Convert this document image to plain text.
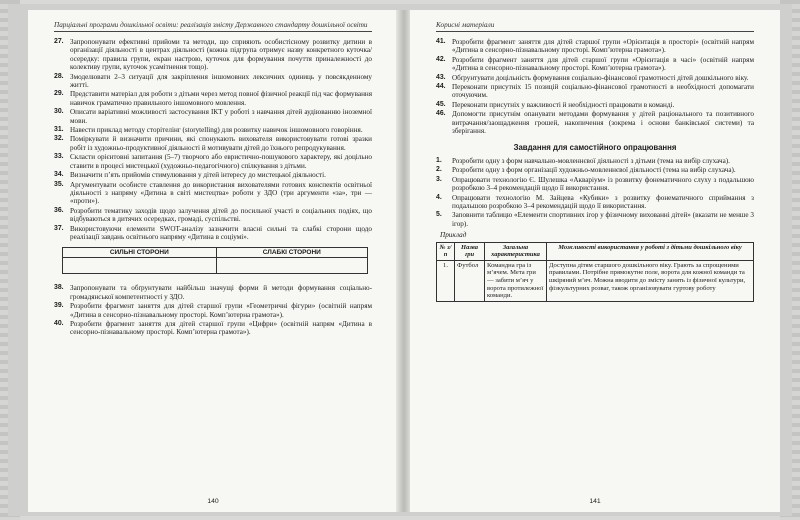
Парціальні програми дошкільної освіти: реалізація змісту Державного стандарту дошкільної освіти
27. Запропонувати ефективні прийоми та методи, що сприяють особистісному розвитку дитини в організації діяльності в центрах діяльності (кожна підгрупа отримує назву конкретного куточка/осередку: правила групи, екран настрою, куточок для формування почуття приналежності до колективу групи, куточок усамітнення тощо).
28. Змоделювати 2–3 ситуації для закріплення іншомовних лексичних одиниць у повсякденному житті.
29. Представити матеріал для роботи з дітьми через метод повної фізичної реакції під час формування навичок граматично правильного іншомовного мовлення.
30. Описати варіативні можливості застосування ІКТ у роботі з навчання дітей аудіюванню іноземної мови.
31. Навести приклад методу сторітелінг (storytelling) для розвитку навичок іншомовного говоріння.
32. Поміркувати й визначити причини, які спонукають вихователя використовувати готові зразки робіт із художньо-продуктивної діяльності й мотивувати дітей до їхнього репродукування.
33. Скласти орієнтовні запитання (5–7) творчого або евристично-пошукового характеру, які доцільно ставити в процесі мистецької (художньо-педагогічного) спілкування з дітьми.
34. Визначити п’ять прийомів стимулювання у дітей інтересу до мистецької діяльності.
35. Аргументувати особисте ставлення до використання вихователями готових конспектів освітньої діяльності з напряму «Дитина в світі мистецтва» роботи у ЗДО (три аргументи «за», три — «проти»).
36. Розробити тематику заходів щодо залучення дітей до посильної участі в соціальних подіях, що відбуваються в дитячих осередках, громаді, суспільстві.
37. Використовуючи елементи SWOT-аналізу зазначити власні сильні та слабкі сторони щодо реалізації завдань освітнього напряму «Дитина в соціумі».
СИЛЬНІ СТОРОНИ	СЛАБКІ СТОРОНИ

38. Запропонувати та обґрунтувати найбільш значущі форми й методи формування соціально-громадянської компетентності у ЗДО.
39. Розробити фрагмент заняття для дітей старшої групи «Геометричні фігури» (освітній напрям «Дитина в сенсорно-пізнавальному просторі. Комп’ютерна грамота»).
40. Розробити фрагмент заняття для дітей старшої групи «Цифри» (освітній напрям «Дитина в сенсорно-пізнавальному просторі. Комп’ютерна грамота»).
140
Корисні матеріали
41. Розробити фрагмент заняття для дітей старшої групи «Орієнтація в просторі» (освітній напрям «Дитина в сенсорно-пізнавальному просторі. Комп’ютерна грамота»).
42. Розробити фрагмент заняття для дітей старшої групи «Орієнтація в часі» (освітній напрям «Дитина в сенсорно-пізнавальному просторі. Комп’ютерна грамота»).
43. Обґрунтувати доцільність формування соціально-фінансової грамотності дітей дошкільного віку.
44. Переконати присутніх 15 позицій соціально-фінансової грамотності в необхідності допомагати оточуючим.
45. Переконати присутніх у важливості й необхідності працювати в команді.
46. Допомогти присутнім опанувати методами формування у дітей раціонального та позитивного витрачання/заощадження грошей, накопичення (зокрема і основи банківської системи) та зберігання.
Завдання для самостійного опрацювання
1.	Розробити одну з форм навчально-мовленнєвої діяльності з дітьми (тема на вибір слухача).
2.	Розробити одну з форм організації художньо-мовленнєвої діяльності (тема на вибір слухача).
3.	Опрацювати технологію Є. Шулешка «Акваріум» із розвитку фонематичного слуху з подальшою розробкою 3–4 рекомендацій щодо її використання.
4.	Опрацювати технологію М. Зайцева «Кубики» з розвитку фонематичного сприймання з подальшою розробкою 3–4 рекомендацій щодо її використання.
5.	Заповнити таблицю «Елементи спортивних ігор у фізичному вихованні дітей» (вказати не менше 3 ігор).
Приклад
№ з/п	Назва гри	Загальна характеристика	Можливості використання у роботі з дітьми дошкільного віку
1.	Футбол	Командна гра із м’ячем. Мета гри — забити м’яч у ворота протилежної команди.	Доступна дітям старшого дошкільного віку. Грають за спрощеними правилами. Потрібне прямокутне поле, ворота для кожної команди та шкіряний м’яч. Можна вводити до змісту занять із фізичної культури, фізкультурних розваг, також організовувати гуртову роботу
141
